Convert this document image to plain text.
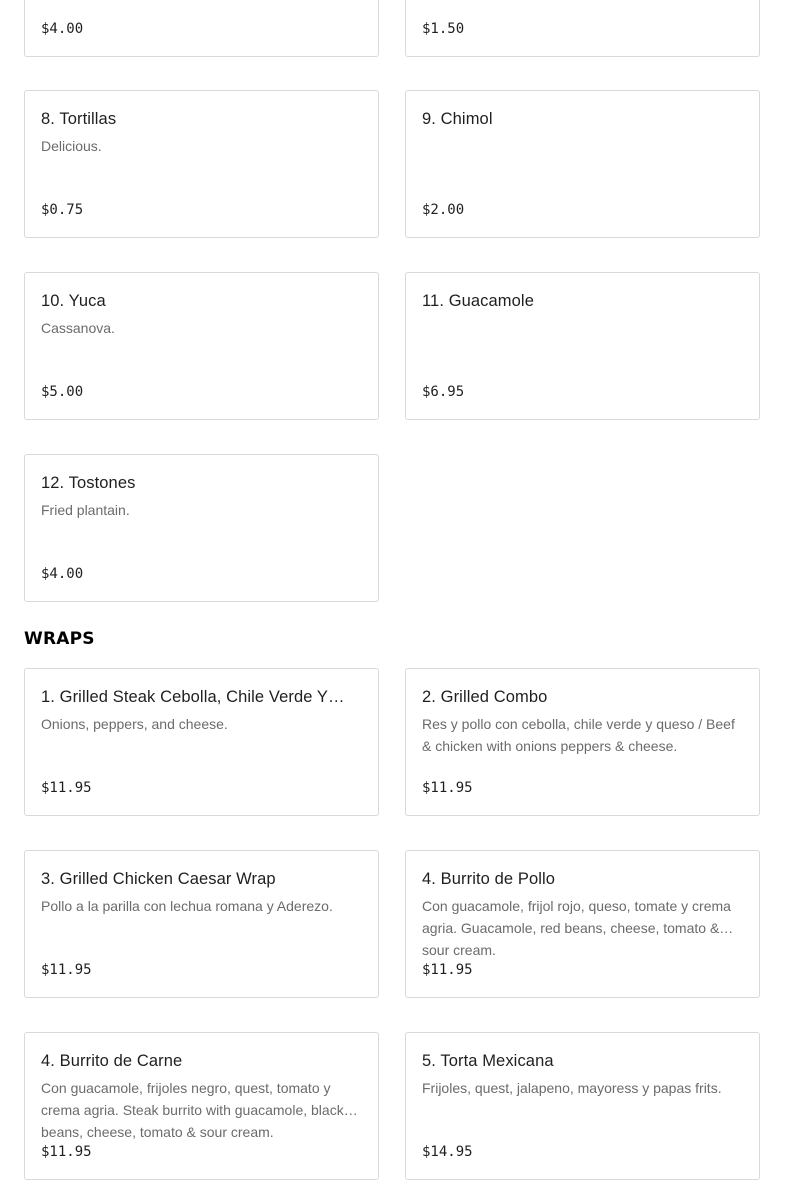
$4.00	$1.50
8. Tortillas
Delicious.
$0.75
9. Chimol
$2.00
10. Yuca
Cassanova.
$5.00
11. Guacamole
$6.95
12. Tostones
Fried plantain.
$4.00
WRAPS
1. Grilled Steak Cebolla, Chile Verde Y…
Onions, peppers, and cheese.
$11.95
2. Grilled Combo
Res y pollo con cebolla, chile verde y queso / Beef & chicken with onions peppers & cheese.
$11.95
3. Grilled Chicken Caesar Wrap
Pollo a la parilla con lechua romana y Aderezo.
$11.95
4. Burrito de Pollo
Con guacamole, frijol rojo, queso, tomate y crema agria. Guacamole, red beans, cheese, tomato & sour cream.
$11.95
4. Burrito de Carne
Con guacamole, frijoles negro, quest, tomato y crema agria. Steak burrito with guacamole, black beans, cheese, tomato & sour cream.
$11.95
5. Torta Mexicana
Frijoles, quest, jalapeno, mayoress y papas frits.
$14.95
